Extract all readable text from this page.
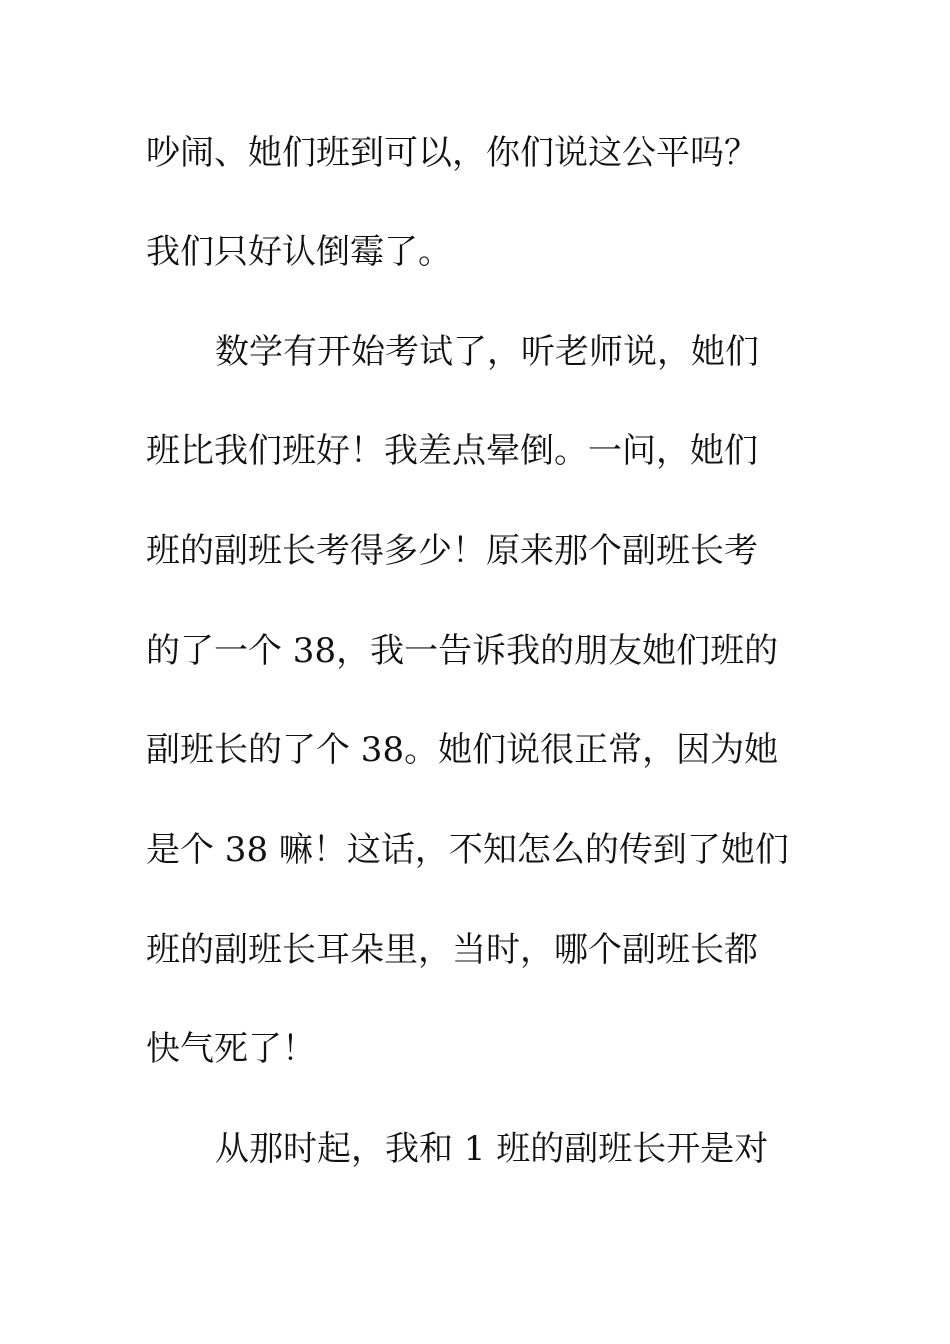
吵闹、她们班到可以，你们说这公平吗？
我们只好认倒霉了。
数学有开始考试了，听老师说，她们
班比我们班好！我差点晕倒。一问，她们
班的副班长考得多少！原来那个副班长考
的了一个 38，我一告诉我的朋友她们班的
副班长的了个 38。她们说很正常，因为她
是个 38 嘛！这话，不知怎么的传到了她们
班的副班长耳朵里，当时，哪个副班长都
快气死了！
从那时起，我和 1 班的副班长开是对
